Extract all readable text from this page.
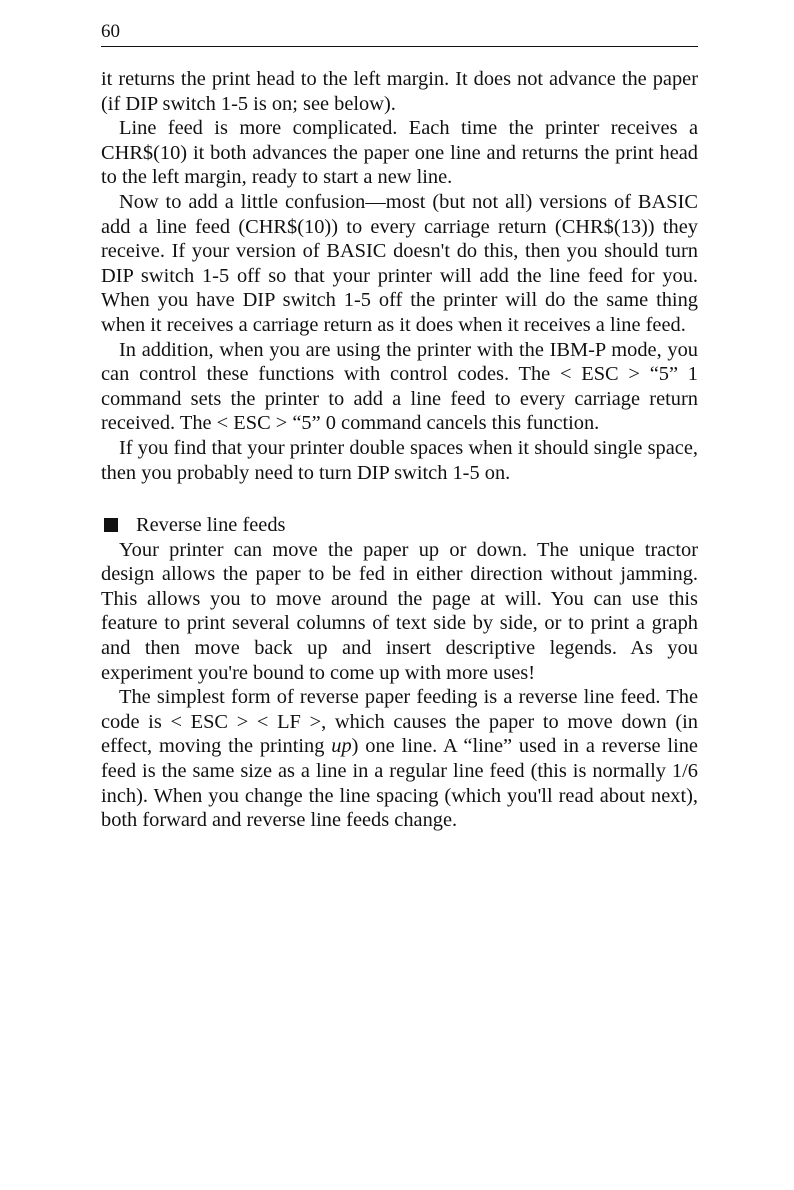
60

it returns the print head to the left margin. It does not advance the paper (if DIP switch 1-5 is on; see below).

Line feed is more complicated. Each time the printer receives a CHR$(10) it both advances the paper one line and returns the print head to the left margin, ready to start a new line.

Now to add a little confusion—most (but not all) versions of BASIC add a line feed (CHR$(10)) to every carriage return (CHR$(13)) they receive. If your version of BASIC doesn't do this, then you should turn DIP switch 1-5 off so that your printer will add the line feed for you. When you have DIP switch 1-5 off the printer will do the same thing when it receives a carriage return as it does when it receives a line feed.

In addition, when you are using the printer with the IBM-P mode, you can control these functions with control codes. The < ESC > “5” 1 command sets the printer to add a line feed to every carriage return received. The < ESC > “5” 0 command cancels this function.

If you find that your printer double spaces when it should single space, then you probably need to turn DIP switch 1-5 on.

Reverse line feeds

Your printer can move the paper up or down. The unique tractor design allows the paper to be fed in either direction without jamming. This allows you to move around the page at will. You can use this feature to print several columns of text side by side, or to print a graph and then move back up and insert descriptive legends. As you experiment you're bound to come up with more uses!

The simplest form of reverse paper feeding is a reverse line feed. The code is < ESC > < LF >, which causes the paper to move down (in effect, moving the printing up) one line. A “line” used in a reverse line feed is the same size as a line in a regular line feed (this is normally 1/6 inch). When you change the line spacing (which you'll read about next), both forward and reverse line feeds change.
